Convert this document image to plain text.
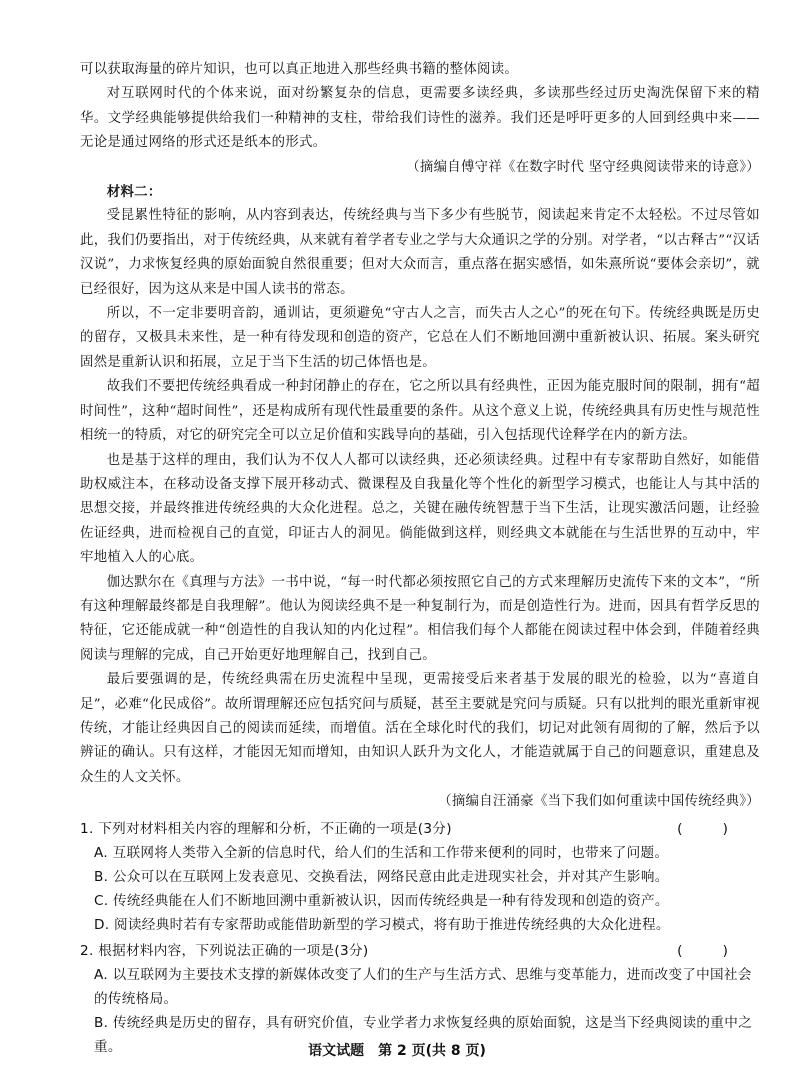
可以获取海量的碎片知识，也可以真正地进入那些经典书籍的整体阅读。

对互联网时代的个体来说，面对纷繁复杂的信息，更需要多读经典，多读那些经过历史淘洗保留下来的精华。文学经典能够提供给我们一种精神的支柱，带给我们诗性的滋养。我们还是呼吁更多的人回到经典中来——无论是通过网络的形式还是纸本的形式。

（摘编自傅守祥《在数字时代 坚守经典阅读带来的诗意》）

材料二：

受昆累性特征的影响，从内容到表达，传统经典与当下多少有些脱节，阅读起来肯定不太轻松。不过尽管如此，我们仍要指出，对于传统经典，从来就有着学者专业之学与大众通识之学的分别。对学者，“以古释古”“汉话汉说”，力求恢复经典的原始面貌自然很重要；但对大众而言，重点落在据实感悟，如朱熹所说“要体会亲切”，就已经很好，因为这从来是中国人读书的常态。

所以，不一定非要明音韵，通训诂，更须避免“守古人之言，而失古人之心”的死在句下。传统经典既是历史的留存，又极具未来性，是一种有待发现和创造的资产，它总在人们不断地回溯中重新被认识、拓展。案头研究固然是重新认识和拓展，立足于当下生活的切己体悟也是。

故我们不要把传统经典看成一种封闭静止的存在，它之所以具有经典性，正因为能克服时间的限制，拥有“超时间性”，这种“超时间性”，还是构成所有现代性最重要的条件。从这个意义上说，传统经典具有历史性与规范性相统一的特质，对它的研究完全可以立足价值和实践导向的基础，引入包括现代诠释学在内的新方法。

也是基于这样的理由，我们认为不仅人人都可以读经典，还必须读经典。过程中有专家帮助自然好，如能借助权威注本，在移动设备支撑下展开移动式、微课程及自我量化等个性化的新型学习模式，也能让人与其中活的思想交接，并最终推进传统经典的大众化进程。总之，关键在融传统智慧于当下生活，让现实激活问题，让经验佐证经典，进而检视自己的直觉，印证古人的洞见。倘能做到这样，则经典文本就能在与生活世界的互动中，牢牢地植入人的心底。

伽达默尔在《真理与方法》一书中说，“每一时代都必须按照它自己的方式来理解历史流传下来的文本”，“所有这种理解最终都是自我理解”。他认为阅读经典不是一种复制行为，而是创造性行为。进而，因具有哲学反思的特征，它还能成就一种“创造性的自我认知的内化过程”。相信我们每个人都能在阅读过程中体会到，伴随着经典阅读与理解的完成，自己开始更好地理解自己，找到自己。

最后要强调的是，传统经典需在历史流程中呈现，更需接受后来者基于发展的眼光的检验，以为“喜道自足”，必难“化民成俗”。故所谓理解还应包括究问与质疑，甚至主要就是究问与质疑。只有以批判的眼光重新审视传统，才能让经典因自己的阅读而延续，而增值。活在全球化时代的我们，切记对此领有周彻的了解，然后予以辨证的确认。只有这样，才能因无知而增知，由知识人跃升为文化人，才能造就属于自己的问题意识，重建息及众生的人文关怀。

（摘编自汪涌豪《当下我们如何重读中国传统经典》）

1. 下列对材料相关内容的理解和分析，不正确的一项是(3分)	( )
A. 互联网将人类带入全新的信息时代，给人们的生活和工作带来便利的同时，也带来了问题。
B. 公众可以在互联网上发表意见、交换看法，网络民意由此走进现实社会，并对其产生影响。
C. 传统经典能在人们不断地回溯中重新被认识，因而传统经典是一种有待发现和创造的资产。
D. 阅读经典时若有专家帮助或能借助新型的学习模式，将有助于推进传统经典的大众化进程。
2. 根据材料内容，下列说法正确的一项是(3分)	( )
A. 以互联网为主要技术支撑的新媒体改变了人们的生产与生活方式、思维与变革能力，进而改变了中国社会的传统格局。
B. 传统经典是历史的留存，具有研究价值，专业学者力求恢复经典的原始面貌，这是当下经典阅读的重中之重。	语文试题　第 2 页(共 8 页)
